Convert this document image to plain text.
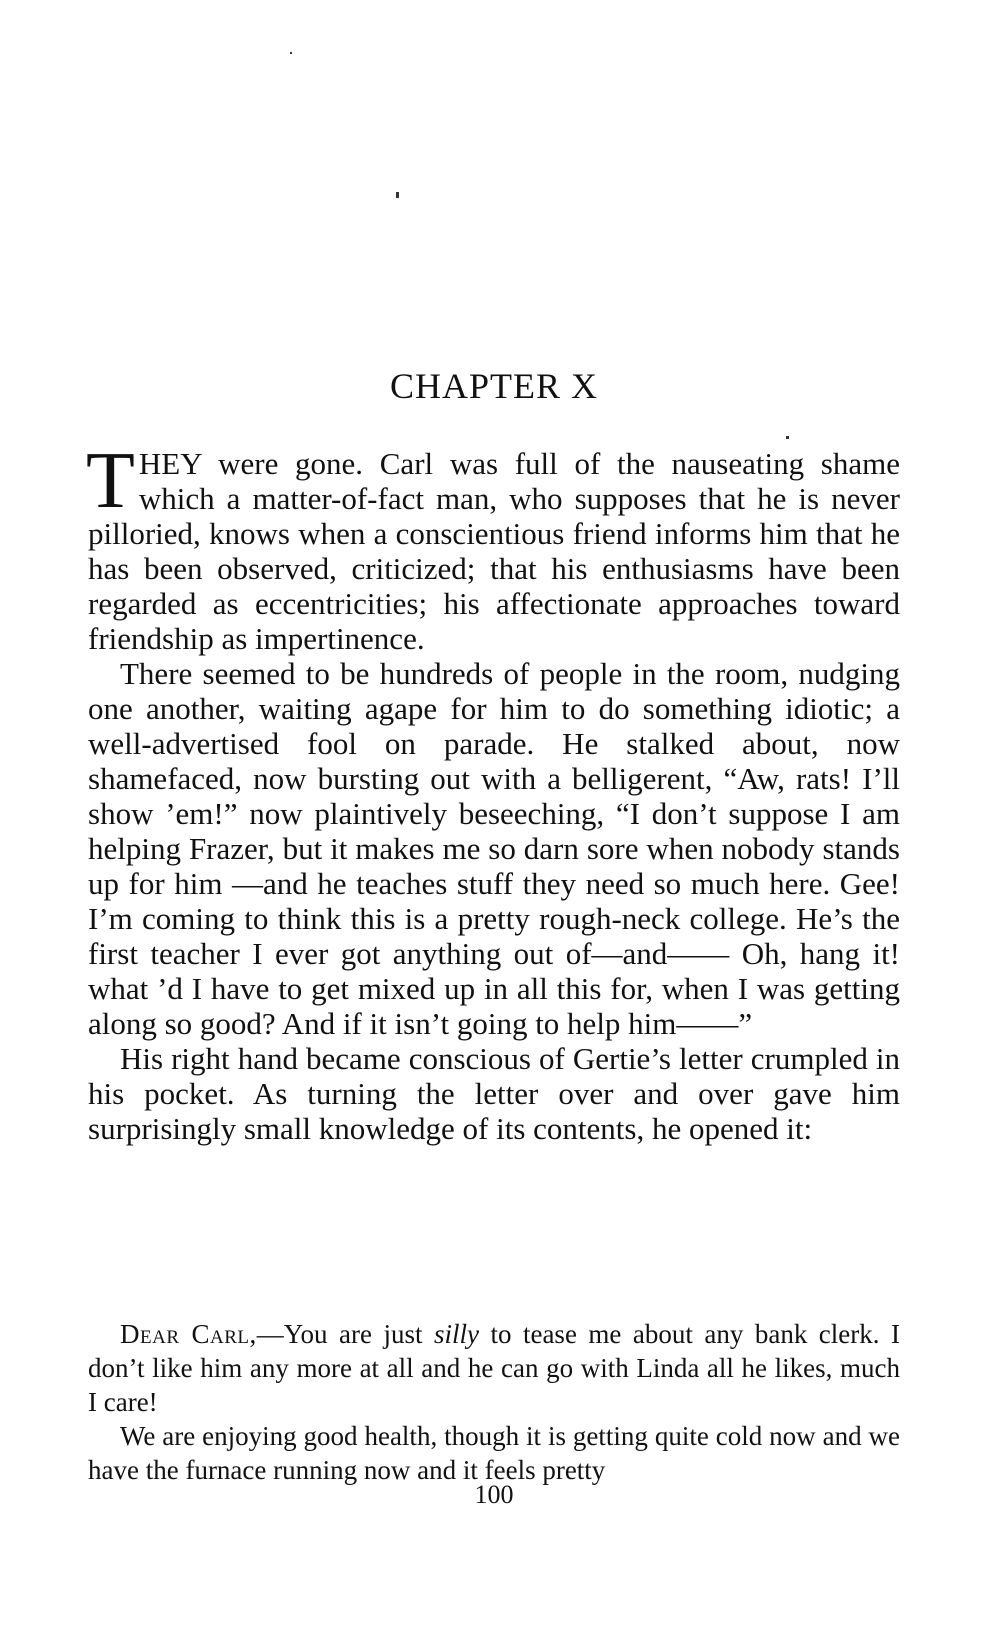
CHAPTER X

THEY were gone. Carl was full of the nauseating shame which a matter-of-fact man, who supposes that he is never pilloried, knows when a conscientious friend informs him that he has been observed, criticized; that his enthusiasms have been regarded as eccentricities; his affectionate approaches toward friendship as impertinence.

There seemed to be hundreds of people in the room, nudging one another, waiting agape for him to do something idiotic; a well-advertised fool on parade. He stalked about, now shamefaced, now bursting out with a belligerent, “Aw, rats! I’ll show ’em!” now plaintively beseeching, “I don’t suppose I am helping Frazer, but it makes me so darn sore when nobody stands up for him —and he teaches stuff they need so much here. Gee! I’m coming to think this is a pretty rough-neck college. He’s the first teacher I ever got anything out of—and—— Oh, hang it! what ’d I have to get mixed up in all this for, when I was getting along so good? And if it isn’t going to help him——”

His right hand became conscious of Gertie’s letter crumpled in his pocket. As turning the letter over and over gave him surprisingly small knowledge of its contents, he opened it:

Dear Carl,—You are just silly to tease me about any bank clerk. I don’t like him any more at all and he can go with Linda all he likes, much I care!

We are enjoying good health, though it is getting quite cold now and we have the furnace running now and it feels pretty

100
